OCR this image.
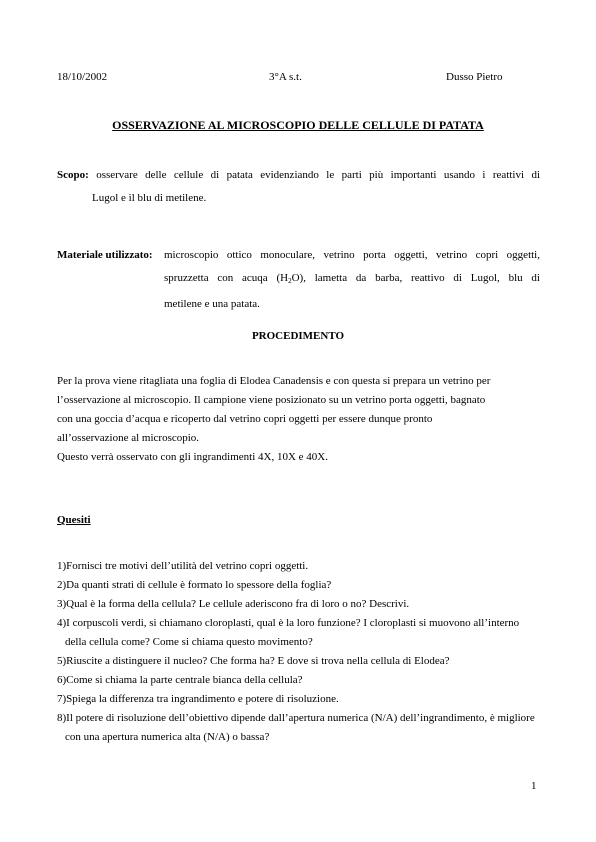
18/10/2002	3°A s.t.	Dusso Pietro
OSSERVAZIONE AL MICROSCOPIO DELLE CELLULE DI PATATA
Scopo: osservare delle cellule di patata evidenziando le parti più importanti usando i reattivi di
Lugol e il blu di metilene.
Materiale utilizzato:	microscopio ottico monoculare, vetrino porta oggetti, vetrino copri oggetti,
spruzzetta con acuqa $(H_2O)$, lametta da barba, reattivo di Lugol, blu di
metilene e una patata.
PROCEDIMENTO
Per la prova viene ritagliata una foglia di Elodea Canadensis e con questa si prepara un vetrino per
l’osservazione al microscopio. Il campione viene posizionato su un vetrino porta oggetti, bagnato
con una goccia d’acqua e ricoperto dal vetrino copri oggetti per essere dunque pronto
all’osservazione al microscopio.
Questo verrà osservato con gli ingrandimenti 4X, 10X e 40X.
Quesiti
1)Fornisci tre motivi dell’utilità del vetrino copri oggetti.
2)Da quanti strati di cellule è formato lo spessore della foglia?
3)Qual è la forma della cellula? Le cellule aderiscono fra di loro o no? Descrivi.
4)I corpuscoli verdi, si chiamano cloroplasti, qual è la loro funzione? I cloroplasti si muovono all’interno della cellula come? Come si chiama questo movimento?
5)Riuscite a distinguere il nucleo? Che forma ha? E dove si trova nella cellula di Elodea?
6)Come si chiama la parte centrale bianca della cellula?
7)Spiega la differenza tra ingrandimento e potere di risoluzione.
8)Il potere di risoluzione dell’obiettivo dipende dall’apertura numerica (N/A) dell’ingrandimento, è migliore con una apertura numerica alta (N/A) o bassa?
1
